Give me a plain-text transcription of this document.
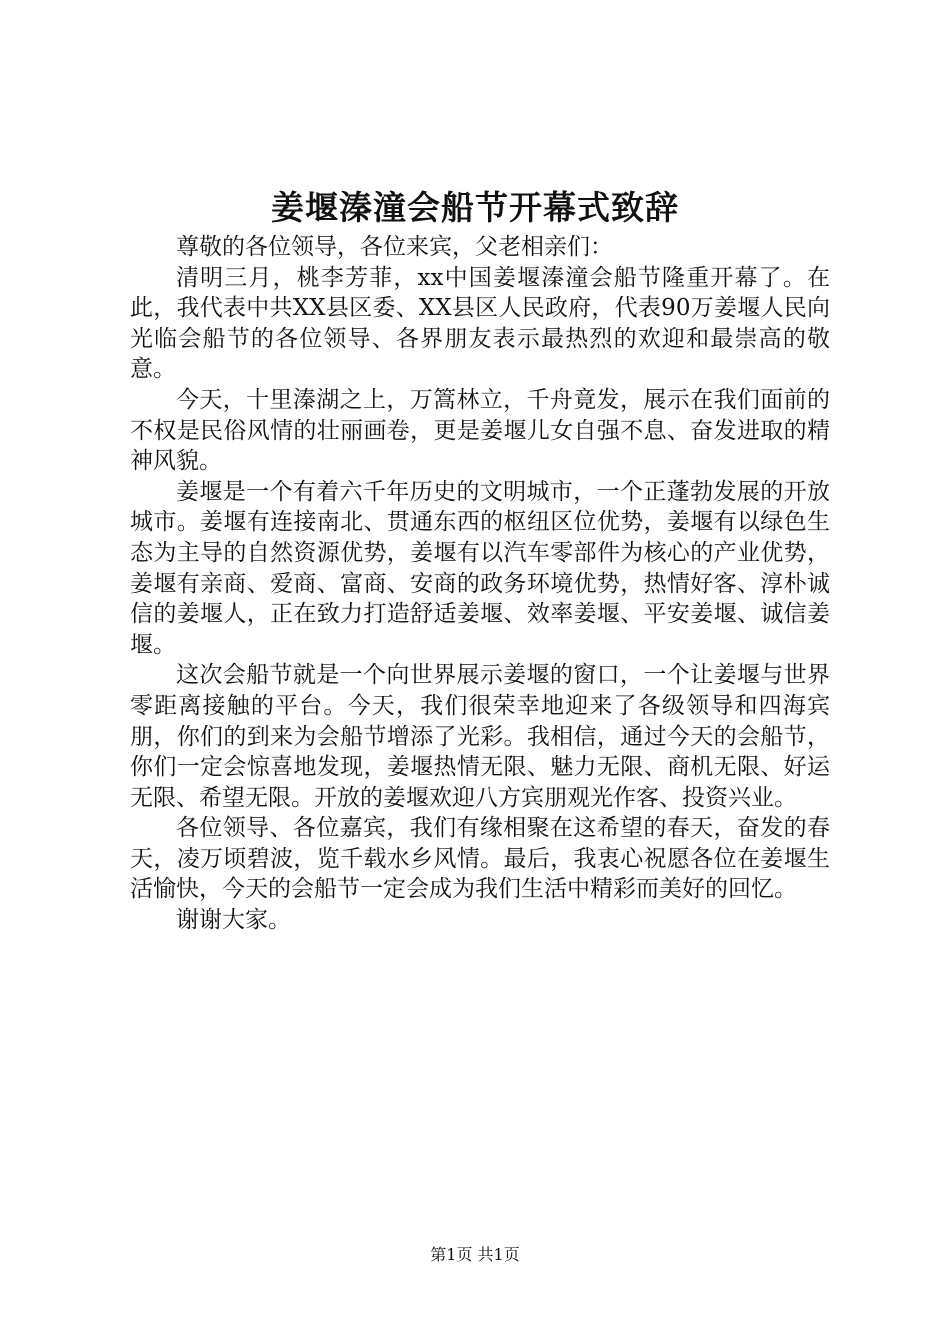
姜堰溱潼会船节开幕式致辞

尊敬的各位领导，各位来宾，父老相亲们：

清明三月，桃李芳菲，xx中国姜堰溱潼会船节隆重开幕了。在此，我代表中共XX县区委、XX县区人民政府，代表90万姜堰人民向光临会船节的各位领导、各界朋友表示最热烈的欢迎和最崇高的敬意。

今天，十里溱湖之上，万篙林立，千舟竟发，展示在我们面前的不权是民俗风情的壮丽画卷，更是姜堰儿女自强不息、奋发进取的精神风貌。

姜堰是一个有着六千年历史的文明城市，一个正蓬勃发展的开放城市。姜堰有连接南北、贯通东西的枢纽区位优势，姜堰有以绿色生态为主导的自然资源优势，姜堰有以汽车零部件为核心的产业优势，姜堰有亲商、爱商、富商、安商的政务环境优势，热情好客、淳朴诚信的姜堰人，正在致力打造舒适姜堰、效率姜堰、平安姜堰、诚信姜堰。

这次会船节就是一个向世界展示姜堰的窗口，一个让姜堰与世界零距离接触的平台。今天，我们很荣幸地迎来了各级领导和四海宾朋，你们的到来为会船节增添了光彩。我相信，通过今天的会船节，你们一定会惊喜地发现，姜堰热情无限、魅力无限、商机无限、好运无限、希望无限。开放的姜堰欢迎八方宾朋观光作客、投资兴业。

各位领导、各位嘉宾，我们有缘相聚在这希望的春天，奋发的春天，凌万顷碧波，览千载水乡风情。最后，我衷心祝愿各位在姜堰生活愉快，今天的会船节一定会成为我们生活中精彩而美好的回忆。

谢谢大家。

第1页 共1页
